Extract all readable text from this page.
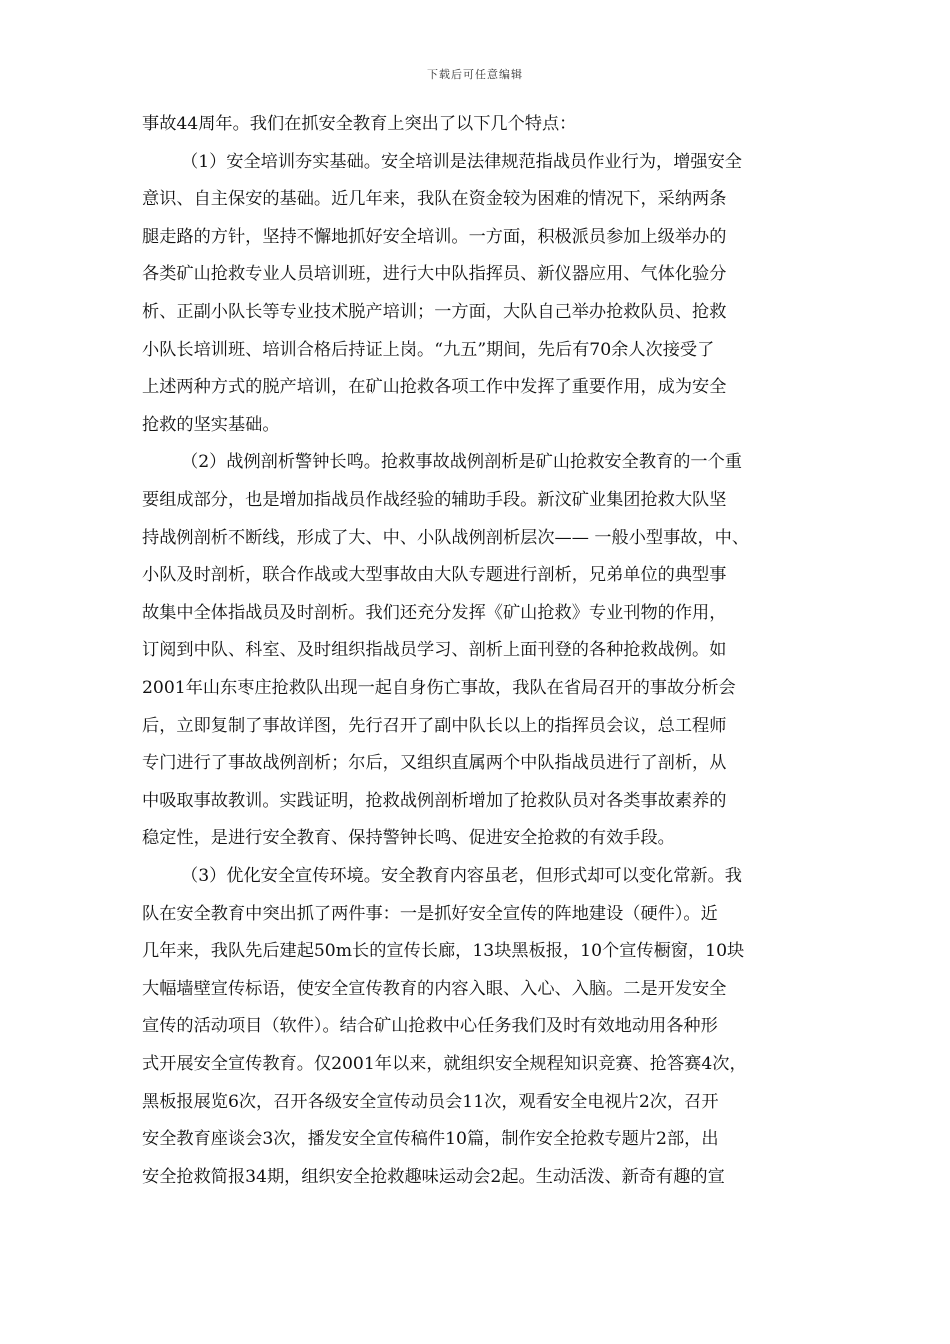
下载后可任意编辑
事故44周年。我们在抓安全教育上突出了以下几个特点：
（1）安全培训夯实基础。安全培训是法律规范指战员作业行为，增强安全
意识、自主保安的基础。近几年来，我队在资金较为困难的情况下，采纳两条
腿走路的方针，坚持不懈地抓好安全培训。一方面，积极派员参加上级举办的
各类矿山抢救专业人员培训班，进行大中队指挥员、新仪器应用、气体化验分
析、正副小队长等专业技术脱产培训；一方面，大队自己举办抢救队员、抢救
小队长培训班、培训合格后持证上岗。“九五”期间，先后有70余人次接受了
上述两种方式的脱产培训，在矿山抢救各项工作中发挥了重要作用，成为安全
抢救的坚实基础。
（2）战例剖析警钟长鸣。抢救事故战例剖析是矿山抢救安全教育的一个重
要组成部分，也是增加指战员作战经验的辅助手段。新汶矿业集团抢救大队坚
持战例剖析不断线，形成了大、中、小队战例剖析层次—— 一般小型事故，中、
小队及时剖析，联合作战或大型事故由大队专题进行剖析，兄弟单位的典型事
故集中全体指战员及时剖析。我们还充分发挥《矿山抢救》专业刊物的作用，
订阅到中队、科室、及时组织指战员学习、剖析上面刊登的各种抢救战例。如
2001年山东枣庄抢救队出现一起自身伤亡事故，我队在省局召开的事故分析会
后，立即复制了事故详图，先行召开了副中队长以上的指挥员会议，总工程师
专门进行了事故战例剖析；尔后，又组织直属两个中队指战员进行了剖析，从
中吸取事故教训。实践证明，抢救战例剖析增加了抢救队员对各类事故素养的
稳定性，是进行安全教育、保持警钟长鸣、促进安全抢救的有效手段。
（3）优化安全宣传环境。安全教育内容虽老，但形式却可以变化常新。我
队在安全教育中突出抓了两件事：一是抓好安全宣传的阵地建设（硬件）。近
几年来，我队先后建起50m长的宣传长廊，13块黑板报，10个宣传橱窗，10块
大幅墙壁宣传标语，使安全宣传教育的内容入眼、入心、入脑。二是开发安全
宣传的活动项目（软件）。结合矿山抢救中心任务我们及时有效地动用各种形
式开展安全宣传教育。仅2001年以来，就组织安全规程知识竞赛、抢答赛4次，
黑板报展览6次，召开各级安全宣传动员会11次，观看安全电视片2次，召开
安全教育座谈会3次，播发安全宣传稿件10篇，制作安全抢救专题片2部，出
安全抢救简报34期，组织安全抢救趣味运动会2起。生动活泼、新奇有趣的宣
